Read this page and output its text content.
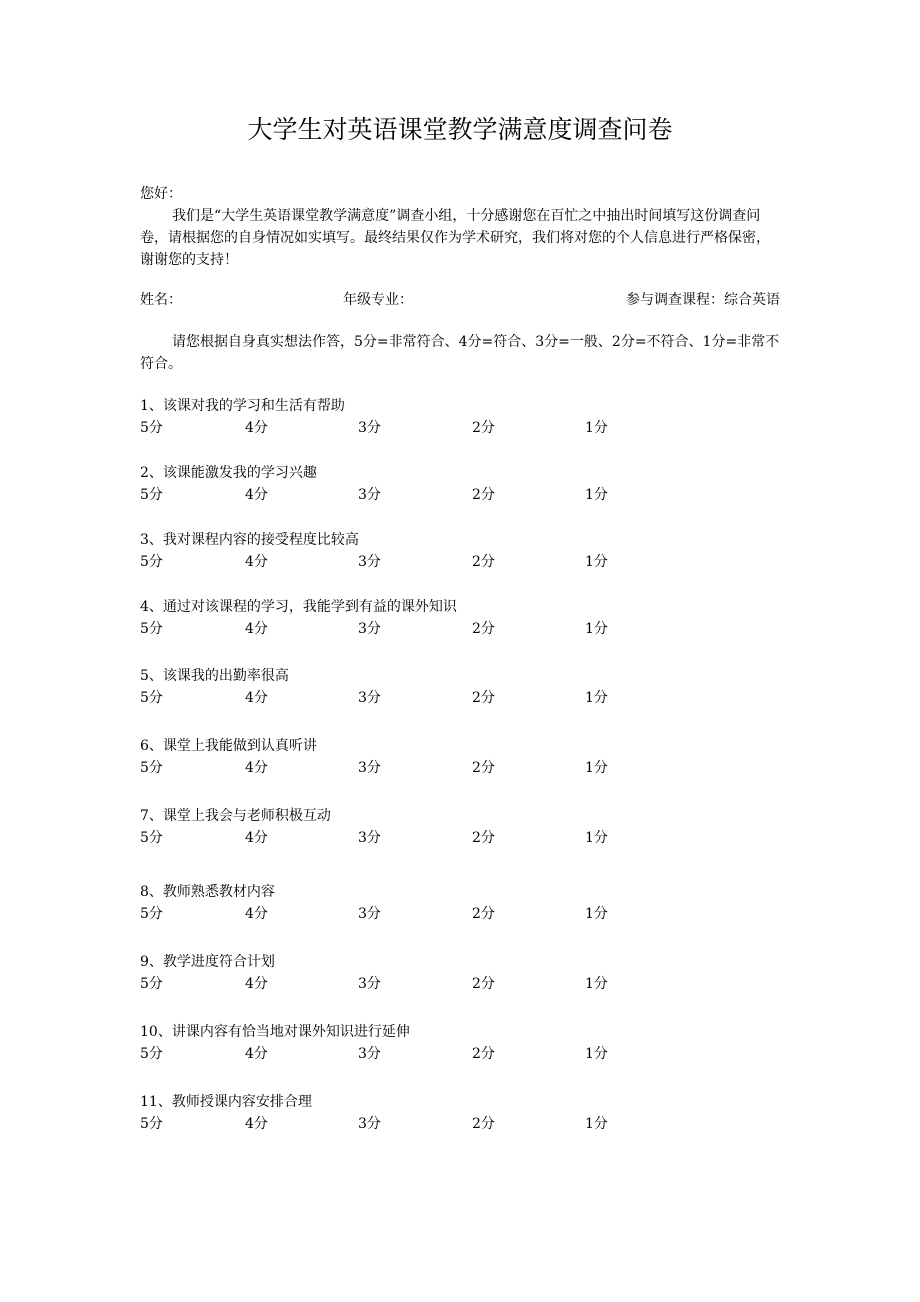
大学生对英语课堂教学满意度调查问卷
您好：
我们是“大学生英语课堂教学满意度”调查小组，十分感谢您在百忙之中抽出时间填写这份调查问卷，请根据您的自身情况如实填写。最终结果仅作为学术研究，我们将对您的个人信息进行严格保密，谢谢您的支持！
姓名：	年级专业：	参与调查课程：综合英语
请您根据自身真实想法作答，5分=非常符合、4分=符合、3分=一般、2分=不符合、1分=非常不符合。
1、该课对我的学习和生活有帮助
5分	4分	3分	2分	1分
2、该课能激发我的学习兴趣
5分	4分	3分	2分	1分
3、我对课程内容的接受程度比较高
5分	4分	3分	2分	1分
4、通过对该课程的学习，我能学到有益的课外知识
5分	4分	3分	2分	1分
5、该课我的出勤率很高
5分	4分	3分	2分	1分
6、课堂上我能做到认真听讲
5分	4分	3分	2分	1分
7、课堂上我会与老师积极互动
5分	4分	3分	2分	1分
8、教师熟悉教材内容
5分	4分	3分	2分	1分
9、教学进度符合计划
5分	4分	3分	2分	1分
10、讲课内容有恰当地对课外知识进行延伸
5分	4分	3分	2分	1分
11、教师授课内容安排合理
5分	4分	3分	2分	1分
